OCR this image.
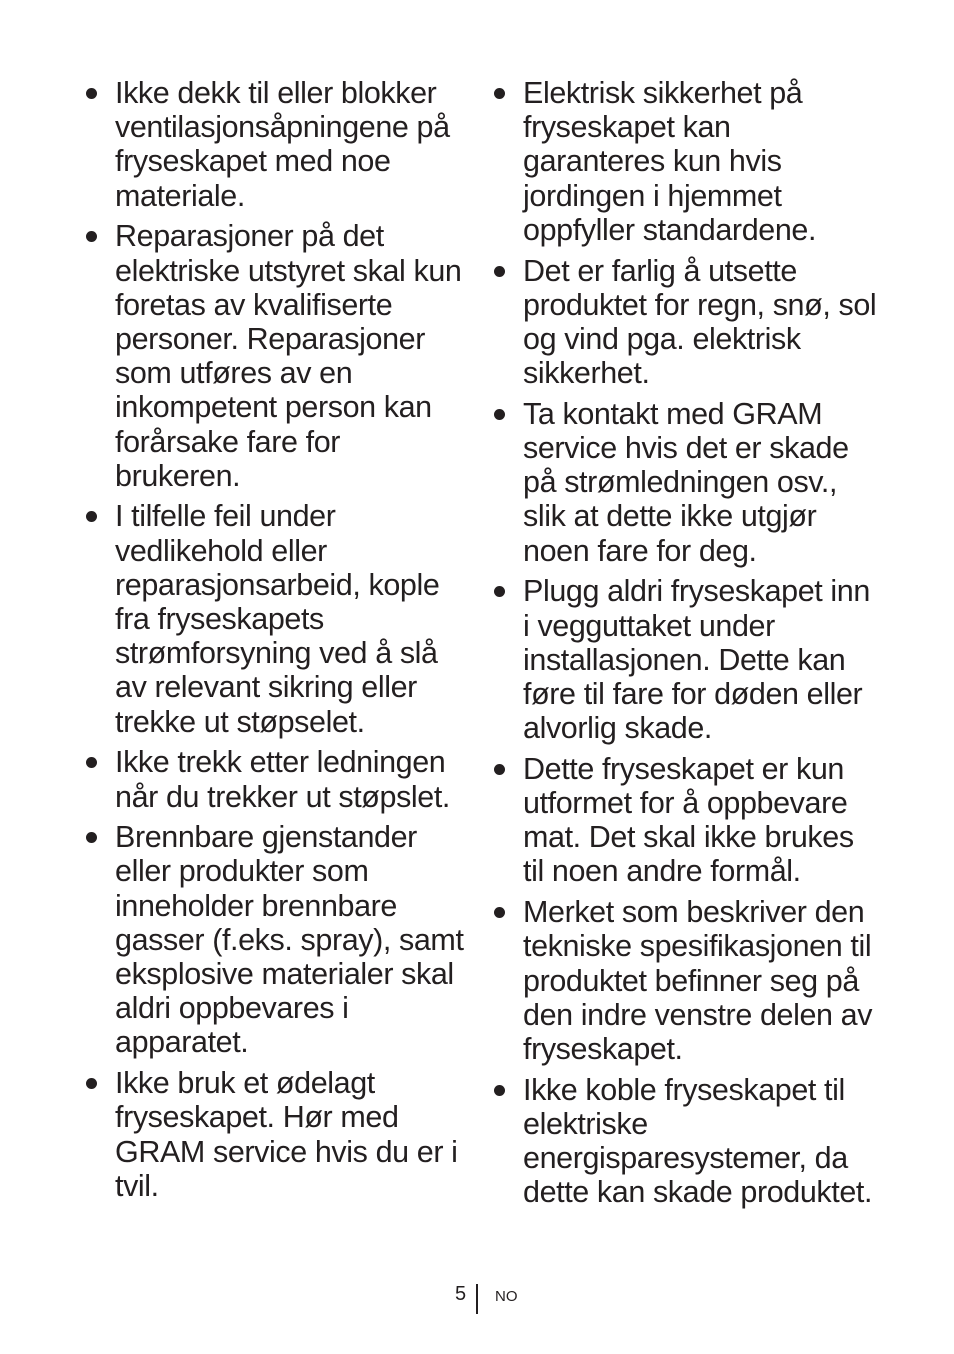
Ikke dekk til eller blokker ventilasjonsåpningene på fryseskapet med noe materiale.
Reparasjoner på det elektriske utstyret skal kun foretas av kvalifiserte personer. Reparasjoner som utføres av en inkompetent person kan forårsake fare for brukeren.
I tilfelle feil under vedlikehold eller reparasjonsarbeid, kople fra fryseskapets strømforsyning ved å slå av relevant sikring eller trekke ut støpselet.
Ikke trekk etter ledningen når du trekker ut støpslet.
Brennbare gjenstander eller produkter som inneholder brennbare gasser (f.eks. spray), samt eksplosive materialer skal aldri oppbevares i apparatet.
Ikke bruk et ødelagt fryseskapet. Hør med GRAM service hvis du er i tvil.
Elektrisk sikkerhet på fryseskapet kan garanteres kun hvis jordingen i hjemmet oppfyller standardene.
Det er farlig å utsette produktet for regn, snø, sol og vind pga. elektrisk sikkerhet.
Ta kontakt med GRAM service hvis det er skade på strømledningen osv., slik at dette ikke utgjør noen fare for deg.
Plugg aldri fryseskapet inn i vegguttaket under installasjonen. Dette kan føre til fare for døden eller alvorlig skade.
Dette fryseskapet er kun utformet for å oppbevare mat. Det skal ikke brukes til noen andre formål.
Merket som beskriver den tekniske spesifikasjonen til produktet befinner seg på den indre venstre delen av fryseskapet.
Ikke koble fryseskapet til elektriske energisparesystemer, da dette kan skade produktet.
5 NO
